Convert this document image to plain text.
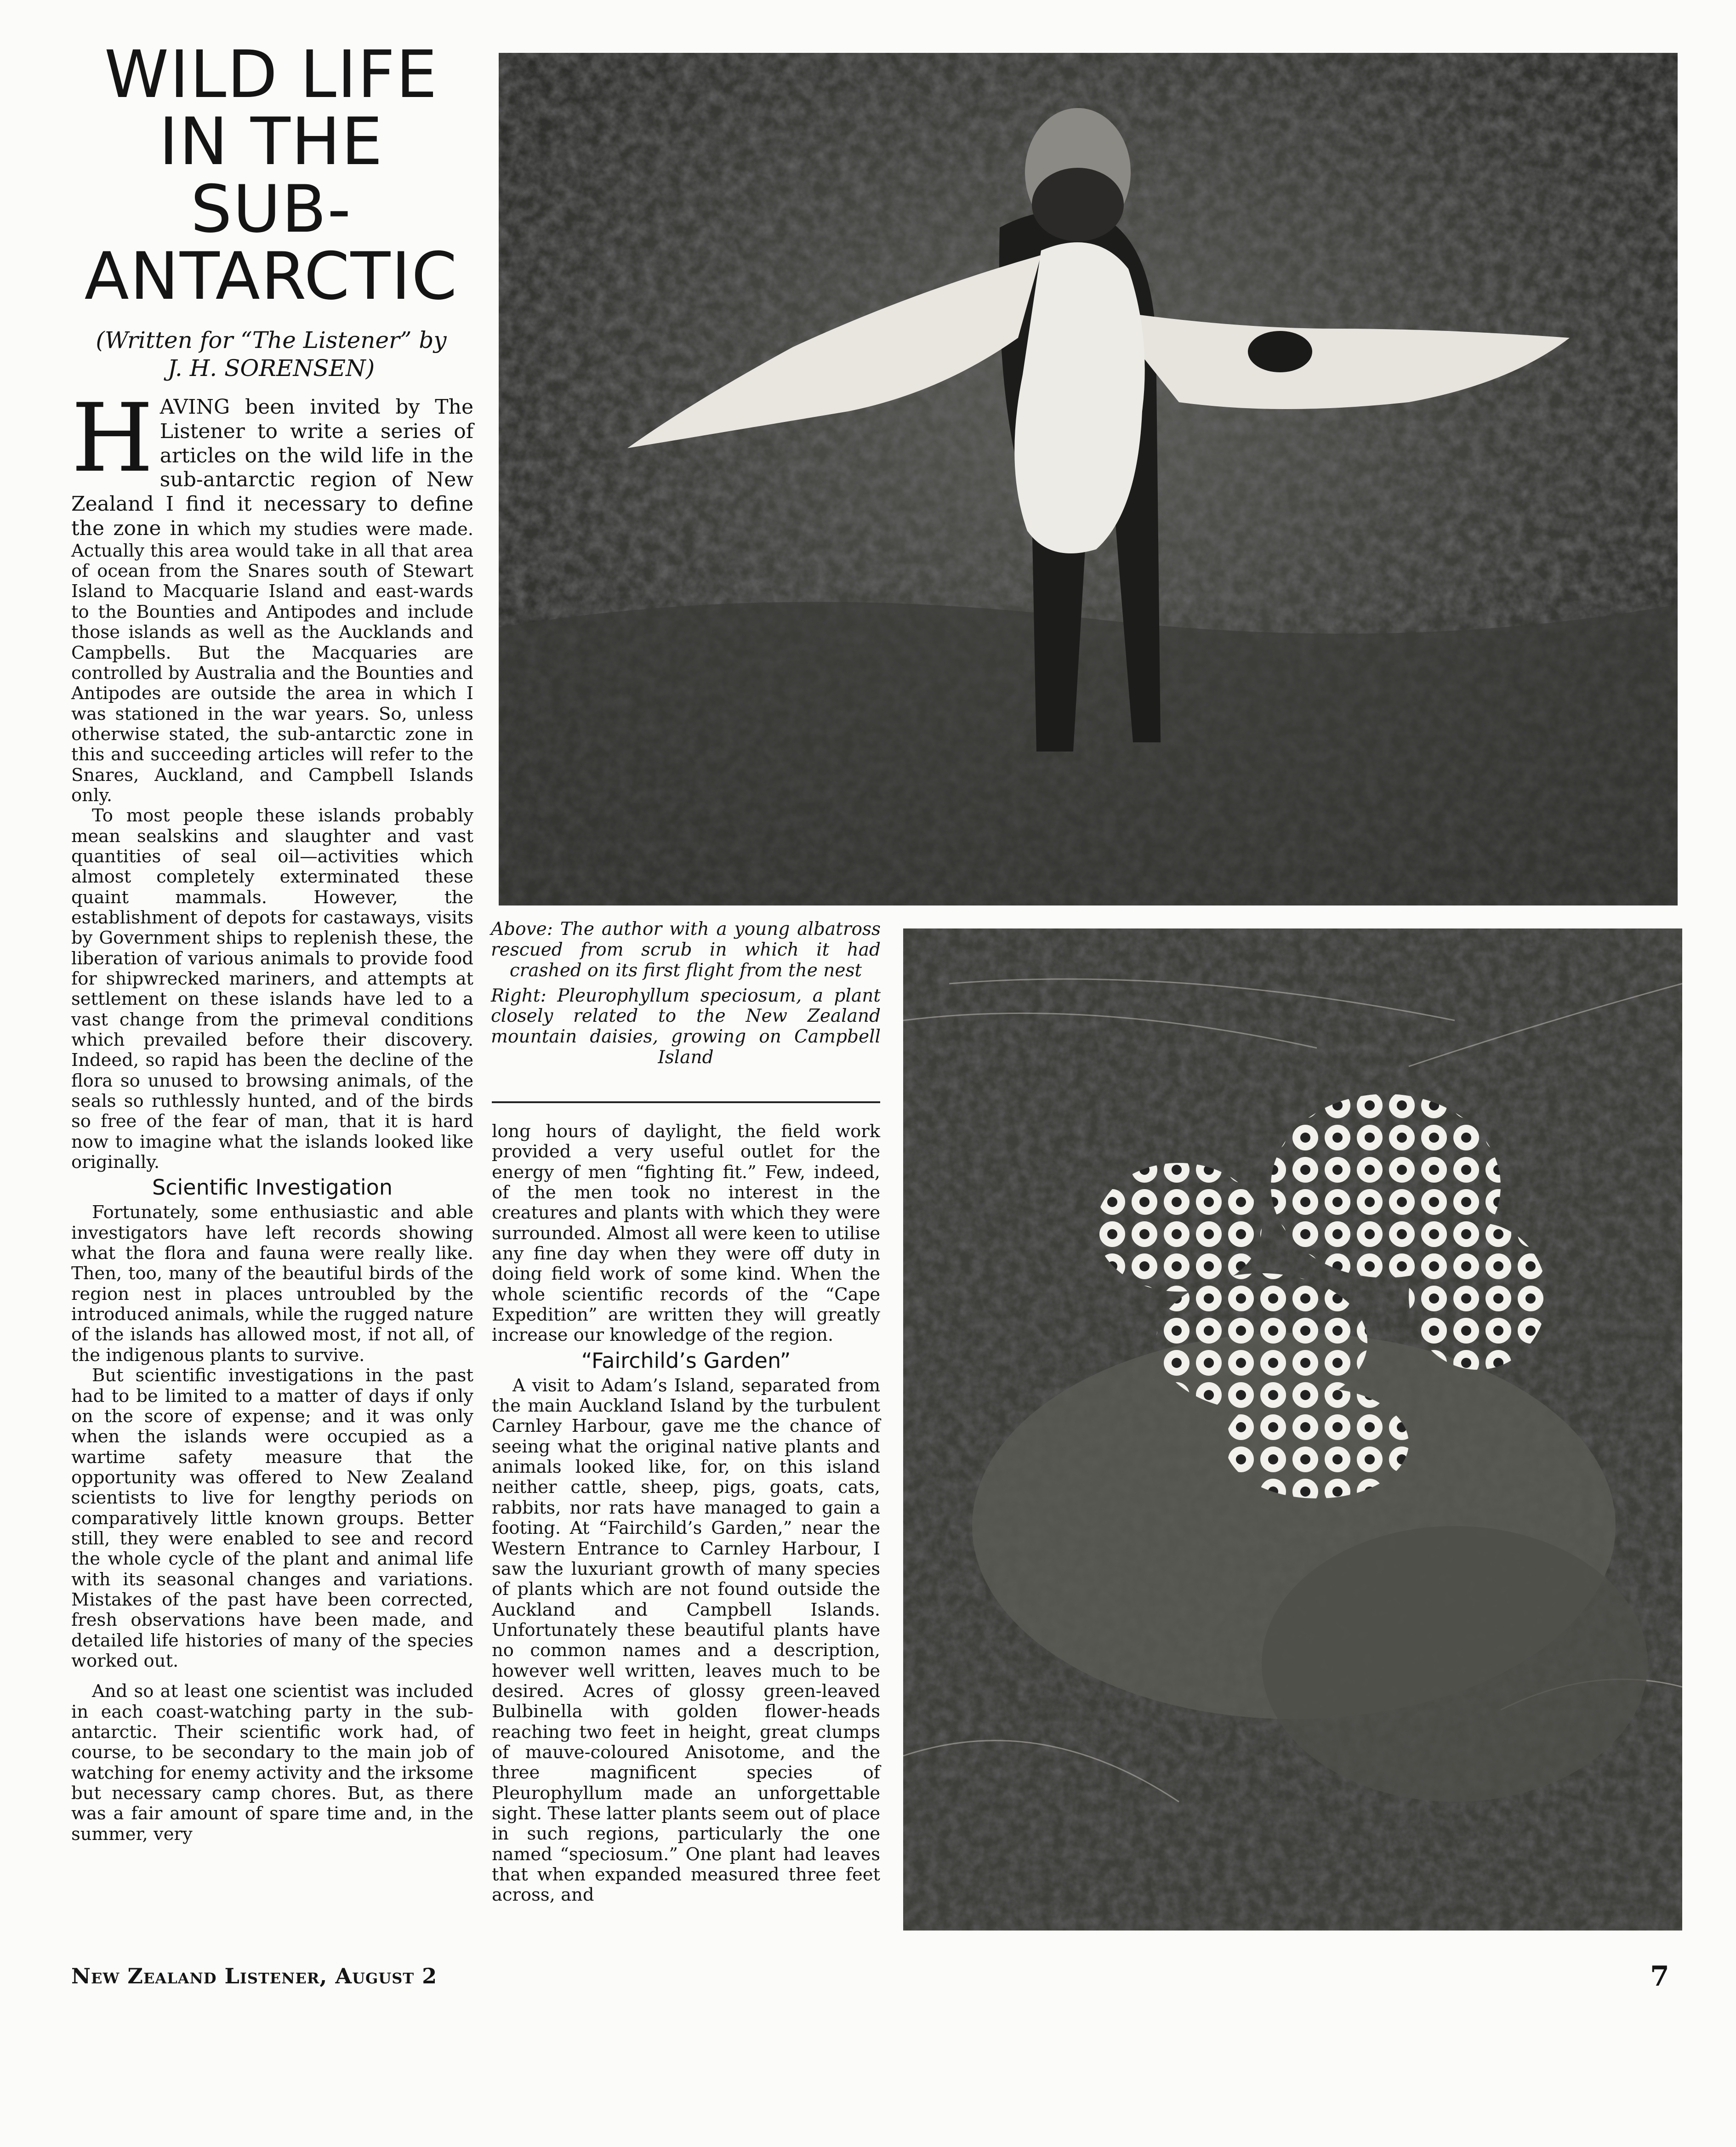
WILD LIFE
IN THE
SUB-
ANTARCTIC
(Written for “The Listener” by
J. H. SORENSEN)

H AVING been invited by The Listener to write a series of articles on the wild life in the sub-antarctic region of New Zealand I find it necessary to define the zone in which my studies were made. Actually this area would take in all that area of ocean from the Snares south of Stewart Island to Macquarie Island and east-wards to the Bounties and Antipodes and include those islands as well as the Aucklands and Campbells. But the Macquaries are controlled by Australia and the Bounties and Antipodes are outside the area in which I was stationed in the war years. So, unless otherwise stated, the sub-antarctic zone in this and succeeding articles will refer to the Snares, Auckland, and Campbell Islands only.

To most people these islands probably mean sealskins and slaughter and vast quantities of seal oil—activities which almost completely exterminated these quaint mammals. However, the establishment of depots for castaways, visits by Government ships to replenish these, the liberation of various animals to provide food for shipwrecked mariners, and attempts at settlement on these islands have led to a vast change from the primeval conditions which prevailed before their discovery. Indeed, so rapid has been the decline of the flora so unused to browsing animals, of the seals so ruthlessly hunted, and of the birds so free of the fear of man, that it is hard now to imagine what the islands looked like originally.

Scientific Investigation

Fortunately, some enthusiastic and able investigators have left records showing what the flora and fauna were really like. Then, too, many of the beautiful birds of the region nest in places untroubled by the introduced animals, while the rugged nature of the islands has allowed most, if not all, of the indigenous plants to survive.

But scientific investigations in the past had to be limited to a matter of days if only on the score of expense; and it was only when the islands were occupied as a wartime safety measure that the opportunity was offered to New Zealand scientists to live for lengthy periods on comparatively little known groups. Better still, they were enabled to see and record the whole cycle of the plant and animal life with its seasonal changes and variations. Mistakes of the past have been corrected, fresh observations have been made, and detailed life histories of many of the species worked out.

And so at least one scientist was included in each coast-watching party in the sub-antarctic. Their scientific work had, of course, to be secondary to the main job of watching for enemy activity and the irksome but necessary camp chores. But, as there was a fair amount of spare time and, in the summer, very

Above: The author with a young albatross rescued from scrub in which it had crashed on its first flight from the nest

Right: Pleurophyllum speciosum, a plant closely related to the New Zealand mountain daisies, growing on Campbell Island

long hours of daylight, the field work provided a very useful outlet for the energy of men “fighting fit.” Few, indeed, of the men took no interest in the creatures and plants with which they were surrounded. Almost all were keen to utilise any fine day when they were off duty in doing field work of some kind. When the whole scientific records of the “Cape Expedition” are written they will greatly increase our knowledge of the region.

“Fairchild’s Garden”

A visit to Adam’s Island, separated from the main Auckland Island by the turbulent Carnley Harbour, gave me the chance of seeing what the original native plants and animals looked like, for, on this island neither cattle, sheep, pigs, goats, cats, rabbits, nor rats have managed to gain a footing. At “Fairchild’s Garden,” near the Western Entrance to Carnley Harbour, I saw the luxuriant growth of many species of plants which are not found outside the Auckland and Campbell Islands. Unfortunately these beautiful plants have no common names and a description, however well written, leaves much to be desired. Acres of glossy green-leaved Bulbinella with golden flower-heads reaching two feet in height, great clumps of mauve-coloured Anisotome, and the three magnificent species of Pleurophyllum made an unforgettable sight. These latter plants seem out of place in such regions, particularly the one named “speciosum.” One plant had leaves that when expanded measured three feet across, and

New Zealand Listener, August 2	7
